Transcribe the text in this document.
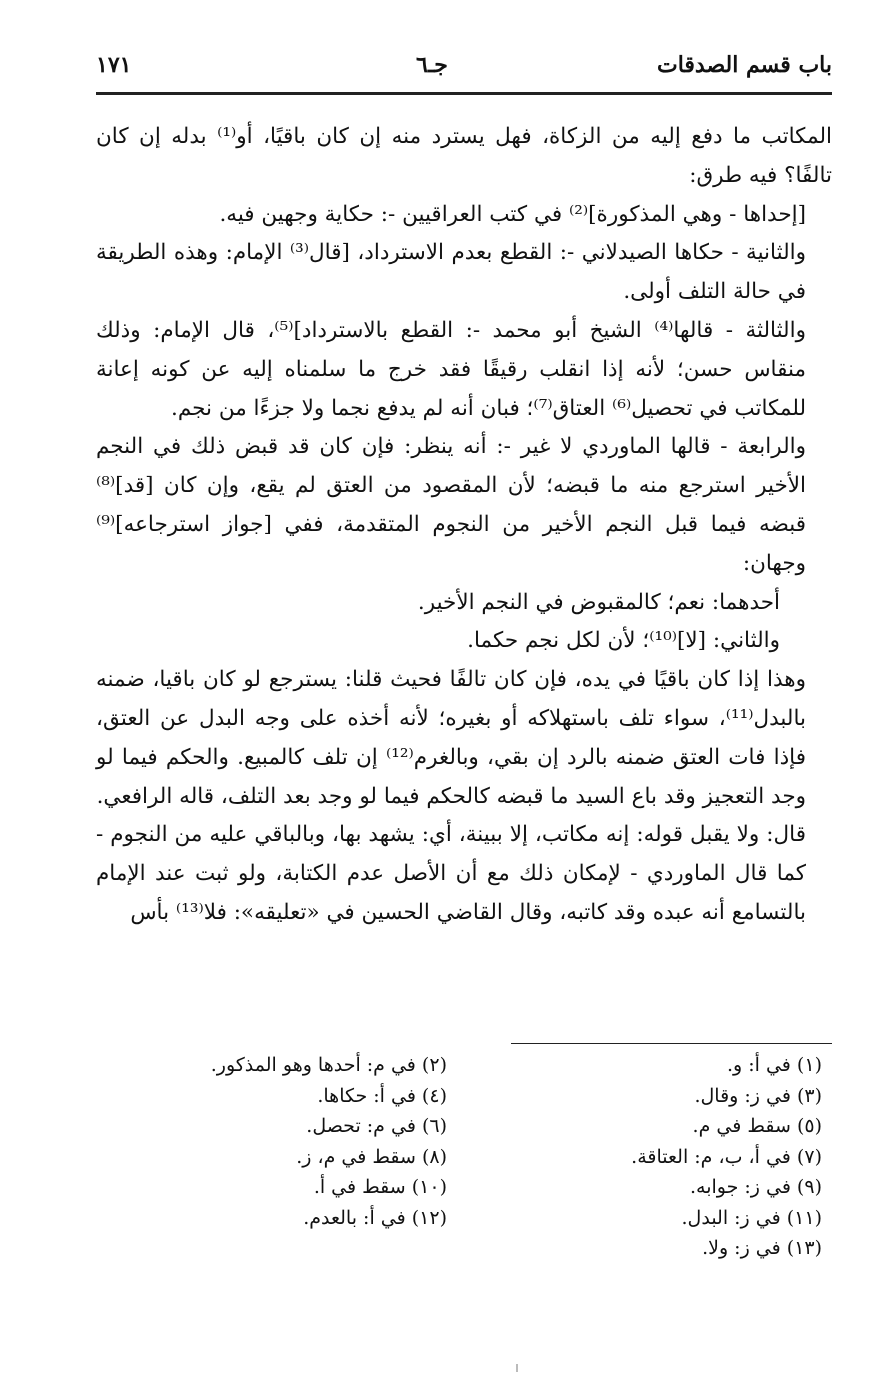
باب قسم الصدقات
جـ٦
١٧١

المكاتب ما دفع إليه من الزكاة، فهل يسترد منه إن كان باقيًا، أو⁽¹⁾ بدله إن كان تالفًا؟ فيه طرق:

[إحداها - وهي المذكورة]⁽²⁾ في كتب العراقيين -: حكاية وجهين فيه.

والثانية - حكاها الصيدلاني -: القطع بعدم الاسترداد، [قال⁽³⁾ الإمام: وهذه الطريقة في حالة التلف أولى.

والثالثة - قالها⁽⁴⁾ الشيخ أبو محمد -: القطع بالاسترداد]⁽⁵⁾، قال الإمام: وذلك منقاس حسن؛ لأنه إذا انقلب رقيقًا فقد خرج ما سلمناه إليه عن كونه إعانة للمكاتب في تحصيل⁽⁶⁾ العتاق⁽⁷⁾؛ فبان أنه لم يدفع نجما ولا جزءًا من نجم.

والرابعة - قالها الماوردي لا غير -: أنه ينظر: فإن كان قد قبض ذلك في النجم الأخير استرجع منه ما قبضه؛ لأن المقصود من العتق لم يقع، وإن كان [قد]⁽⁸⁾ قبضه فيما قبل النجم الأخير من النجوم المتقدمة، ففي [جواز استرجاعه]⁽⁹⁾ وجهان:

أحدهما: نعم؛ كالمقبوض في النجم الأخير.

والثاني: [لا]⁽¹⁰⁾؛ لأن لكل نجم حكما.

وهذا إذا كان باقيًا في يده، فإن كان تالفًا فحيث قلنا: يسترجع لو كان باقيا، ضمنه بالبدل⁽¹¹⁾، سواء تلف باستهلاكه أو بغيره؛ لأنه أخذه على وجه البدل عن العتق، فإذا فات العتق ضمنه بالرد إن بقي، وبالغرم⁽¹²⁾ إن تلف كالمبيع. والحكم فيما لو وجد التعجيز وقد باع السيد ما قبضه كالحكم فيما لو وجد بعد التلف، قاله الرافعي.

قال: ولا يقبل قوله: إنه مكاتب، إلا ببينة، أي: يشهد بها، وبالباقي عليه من النجوم - كما قال الماوردي - لإمكان ذلك مع أن الأصل عدم الكتابة، ولو ثبت عند الإمام بالتسامع أنه عبده وقد كاتبه، وقال القاضي الحسين في «تعليقه»: فلا⁽¹³⁾ بأس

(١) في أ: و.
(٣) في ز: وقال.
(٥) سقط في م.
(٧) في أ، ب، م: العتاقة.
(٩) في ز: جوابه.
(١١) في ز: البدل.
(١٣) في ز: ولا.
(٢) في م: أحدها وهو المذكور.
(٤) في أ: حكاها.
(٦) في م: تحصل.
(٨) سقط في م، ز.
(١٠) سقط في أ.
(١٢) في أ: بالعدم.
